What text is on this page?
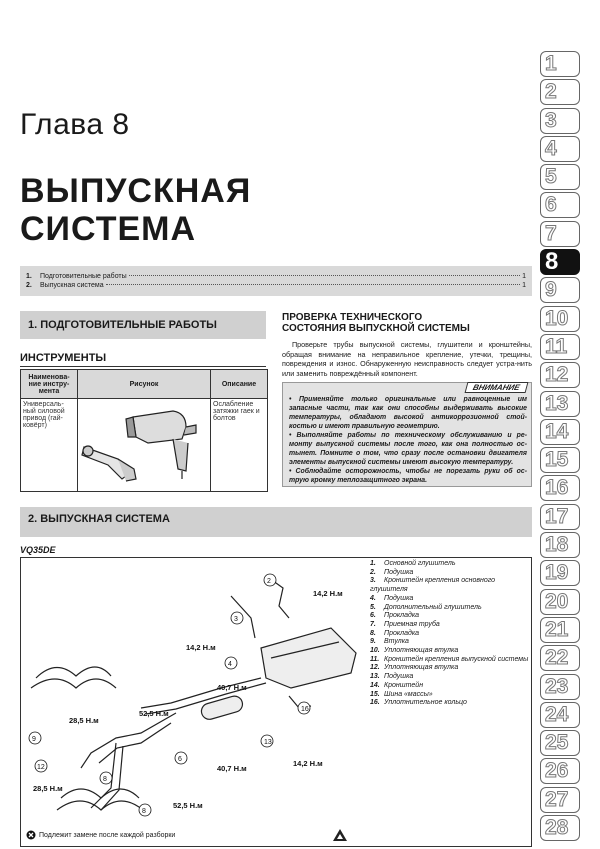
Глава 8
ВЫПУСКНАЯ
СИСТЕМА
1.	Подготовительные работы	1
2.	Выпускная система	1
1. ПОДГОТОВИТЕЛЬНЫЕ РАБОТЫ
ИНСТРУМЕНТЫ
Наименова-ние инстру-мента	Рисунок	Описание
Универсаль-ный силовой привод (гай-ковёрт)		Ослабление затяжки гаек и болтов
ПРОВЕРКА ТЕХНИЧЕСКОГО
СОСТОЯНИЯ ВЫПУСКНОЙ СИСТЕМЫ
Проверьте трубы выпускной системы, глушители и кронштейны, обращая внимание на неправильное крепление, утечки, трещины, повреждения и износ. Обнаруженную неисправность следует устра-нить или заменить повреждённый компонент.
ВНИМАНИЕ
• Применяйте только оригинальные или равноценные им запасные части, так как они способны выдерживать высокие температуры, обладают высокой антикоррозионной стой-костью и имеют правильную геометрию.
• Выполняйте работы по техническому обслуживанию и ре-монту выпускной системы после того, как она полностью ос-тынет. Помните о том, что сразу после остановки двигателя элементы выпускной системы имеют высокую температуру.
• Соблюдайте осторожность, чтобы не порезать руки об ос-трую кромку теплозащитного экрана.
2. ВЫПУСКНАЯ СИСТЕМА
VQ35DE
14,2 Н.м
14,2 Н.м
40,7 Н.м
28,5 Н.м
52,5 Н.м
40,7 Н.м
14,2 Н.м
28,5 Н.м
52,5 Н.м
2
3
4
16
13
6
9
12
8
8
1. Основной глушитель
2. Подушка
3. Кронштейн крепления основного глушителя
4. Подушка
5. Дополнительный глушитель
6. Прокладка
7. Приемная труба
8. Прокладка
9. Втулка
10. Уплотняющая втулка
11. Кронштейн крепления выпускной системы
12. Уплотняющая втулка
13. Подушка
14. Кронштейн
15. Шина «массы»
16. Уплотнительное кольцо
Подлежит замене после каждой разборки
1
2
3
4
5
6
7
8
9
10
11
12
13
14
15
16
17
18
19
20
21
22
23
24
25
26
27
28
